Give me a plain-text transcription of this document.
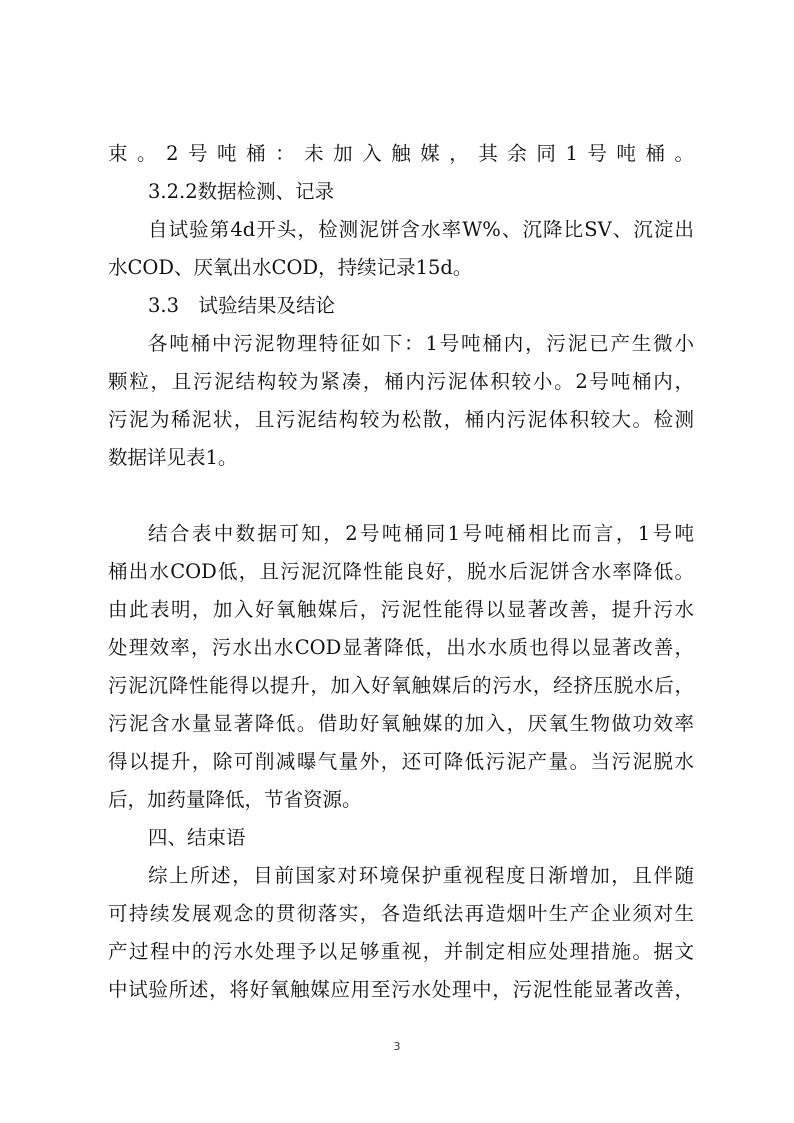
束。2号吨桶：未加入触媒，其余同1号吨桶。
3.2.2数据检测、记录
自试验第4d开头，检测泥饼含水率W%、沉降比SV、沉淀出
水COD、厌氧出水COD，持续记录15d。
3.3　试验结果及结论
各吨桶中污泥物理特征如下：1号吨桶内，污泥已产生微小
颗粒，且污泥结构较为紧凑，桶内污泥体积较小。2号吨桶内，
污泥为稀泥状，且污泥结构较为松散，桶内污泥体积较大。检测
数据详见表1。
结合表中数据可知，2号吨桶同1号吨桶相比而言，1号吨
桶出水COD低，且污泥沉降性能良好，脱水后泥饼含水率降低。
由此表明，加入好氧触媒后，污泥性能得以显著改善，提升污水
处理效率，污水出水COD显著降低，出水水质也得以显著改善，
污泥沉降性能得以提升，加入好氧触媒后的污水，经挤压脱水后，
污泥含水量显著降低。借助好氧触媒的加入，厌氧生物做功效率
得以提升，除可削减曝气量外，还可降低污泥产量。当污泥脱水
后，加药量降低，节省资源。
四、结束语
综上所述，目前国家对环境保护重视程度日渐增加，且伴随
可持续发展观念的贯彻落实，各造纸法再造烟叶生产企业须对生
产过程中的污水处理予以足够重视，并制定相应处理措施。据文
中试验所述，将好氧触媒应用至污水处理中，污泥性能显著改善，
3
